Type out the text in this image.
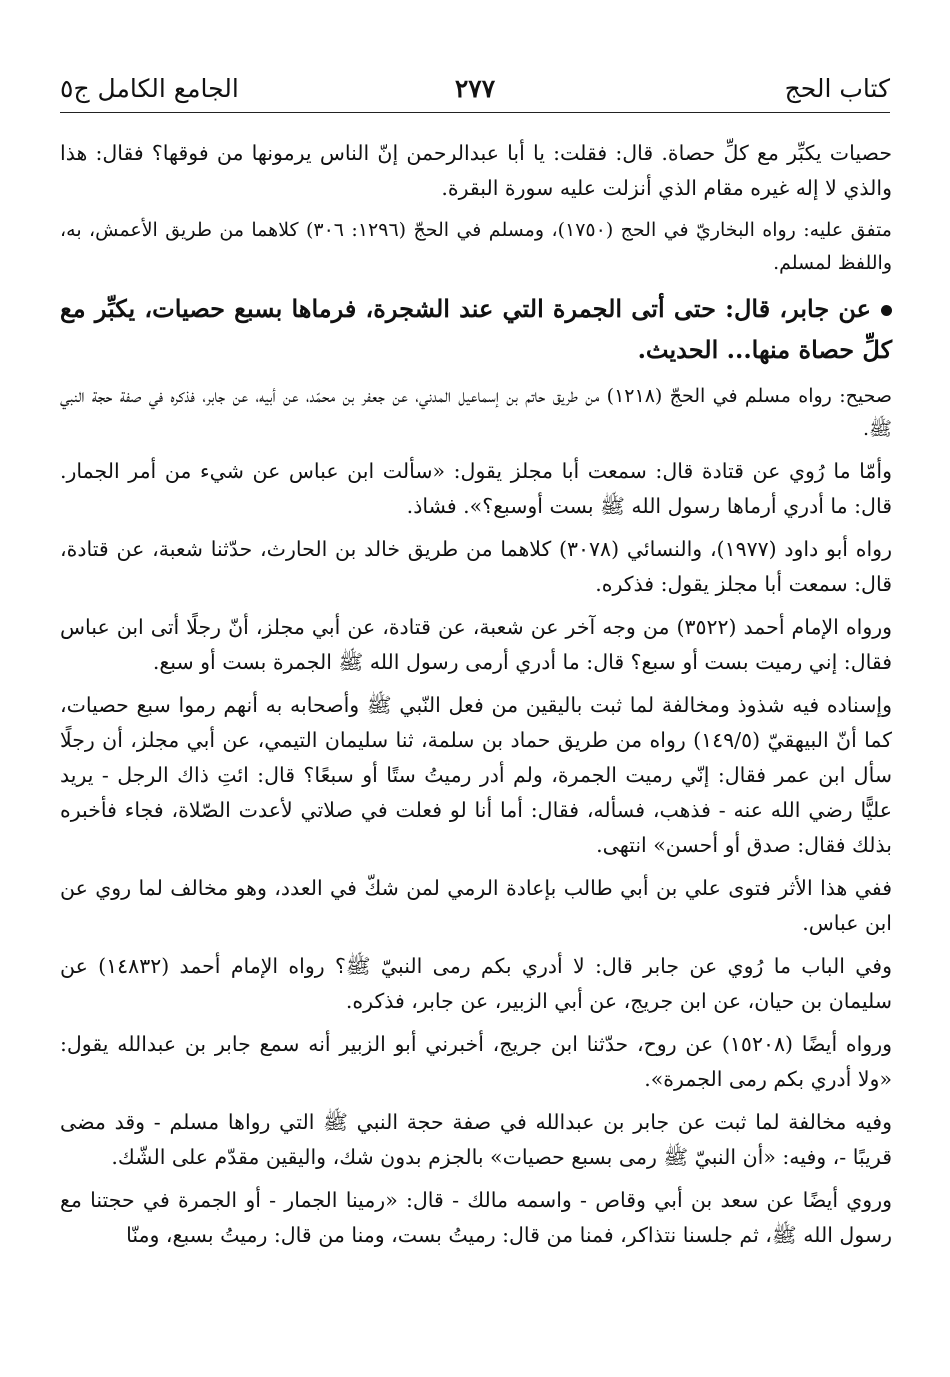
كتاب الحج
٢٧٧
الجامع الكامل ج٥

حصيات يكبِّر مع كلِّ حصاة. قال: فقلت: يا أبا عبدالرحمن إنّ الناس يرمونها من فوقها؟ فقال: هذا والذي لا إله غيره مقام الذي أنزلت عليه سورة البقرة.

متفق عليه: رواه البخاريّ في الحج (١٧٥٠)، ومسلم في الحجّ (١٢٩٦: ٣٠٦) كلاهما من طريق الأعمش، به، واللفظ لمسلم.

عن جابر، قال: حتى أتى الجمرة التي عند الشجرة، فرماها بسبع حصيات، يكبِّر مع كلِّ حصاة منها... الحديث.

صحيح: رواه مسلم في الحجّ (١٢١٨) من طريق حاتم بن إسماعيل المدني، عن جعفر بن محمّد، عن أبيه، عن جابر، فذكره في صفة حجة النبي ﷺ.

وأمّا ما رُوي عن قتادة قال: سمعت أبا مجلز يقول: «سألت ابن عباس عن شيء من أمر الجمار. قال: ما أدري أرماها رسول الله ﷺ بست أوسبع؟». فشاذ.

رواه أبو داود (١٩٧٧)، والنسائي (٣٠٧٨) كلاهما من طريق خالد بن الحارث، حدّثنا شعبة، عن قتادة، قال: سمعت أبا مجلز يقول: فذكره.

ورواه الإمام أحمد (٣٥٢٢) من وجه آخر عن شعبة، عن قتادة، عن أبي مجلز، أنّ رجلًا أتى ابن عباس فقال: إني رميت بست أو سبع؟ قال: ما أدري أرمى رسول الله ﷺ الجمرة بست أو سبع.

وإسناده فيه شذوذ ومخالفة لما ثبت باليقين من فعل النّبي ﷺ وأصحابه به أنهم رموا سبع حصيات، كما أنّ البيهقيّ (١٤٩/٥) رواه من طريق حماد بن سلمة، ثنا سليمان التيمي، عن أبي مجلز، أن رجلًا سأل ابن عمر فقال: إنّي رميت الجمرة، ولم أدر رميتُ ستًا أو سبعًا؟ قال: ائتِ ذاك الرجل - يريد عليًّا رضي الله عنه - فذهب، فسأله، فقال: أما أنا لو فعلت في صلاتي لأعدت الصّلاة، فجاء فأخبره بذلك فقال: صدق أو أحسن» انتهى.

ففي هذا الأثر فتوى علي بن أبي طالب بإعادة الرمي لمن شكّ في العدد، وهو مخالف لما روي عن ابن عباس.

وفي الباب ما رُوي عن جابر قال: لا أدري بكم رمى النبيّ ﷺ؟ رواه الإمام أحمد (١٤٨٣٢) عن سليمان بن حيان، عن ابن جريج، عن أبي الزبير، عن جابر، فذكره.

ورواه أيضًا (١٥٢٠٨) عن روح، حدّثنا ابن جريج، أخبرني أبو الزبير أنه سمع جابر بن عبدالله يقول: «ولا أدري بكم رمى الجمرة».

وفيه مخالفة لما ثبت عن جابر بن عبدالله في صفة حجة النبي ﷺ التي رواها مسلم - وقد مضى قريبًا -، وفيه: «أن النبيّ ﷺ رمى بسبع حصيات» بالجزم بدون شك، واليقين مقدّم على الشّك.

وروي أيضًا عن سعد بن أبي وقاص - واسمه مالك - قال: «رمينا الجمار - أو الجمرة في حجتنا مع رسول الله ﷺ، ثم جلسنا نتذاكر، فمنا من قال: رميتُ بست، ومنا من قال: رميتُ بسبع، ومنّا
